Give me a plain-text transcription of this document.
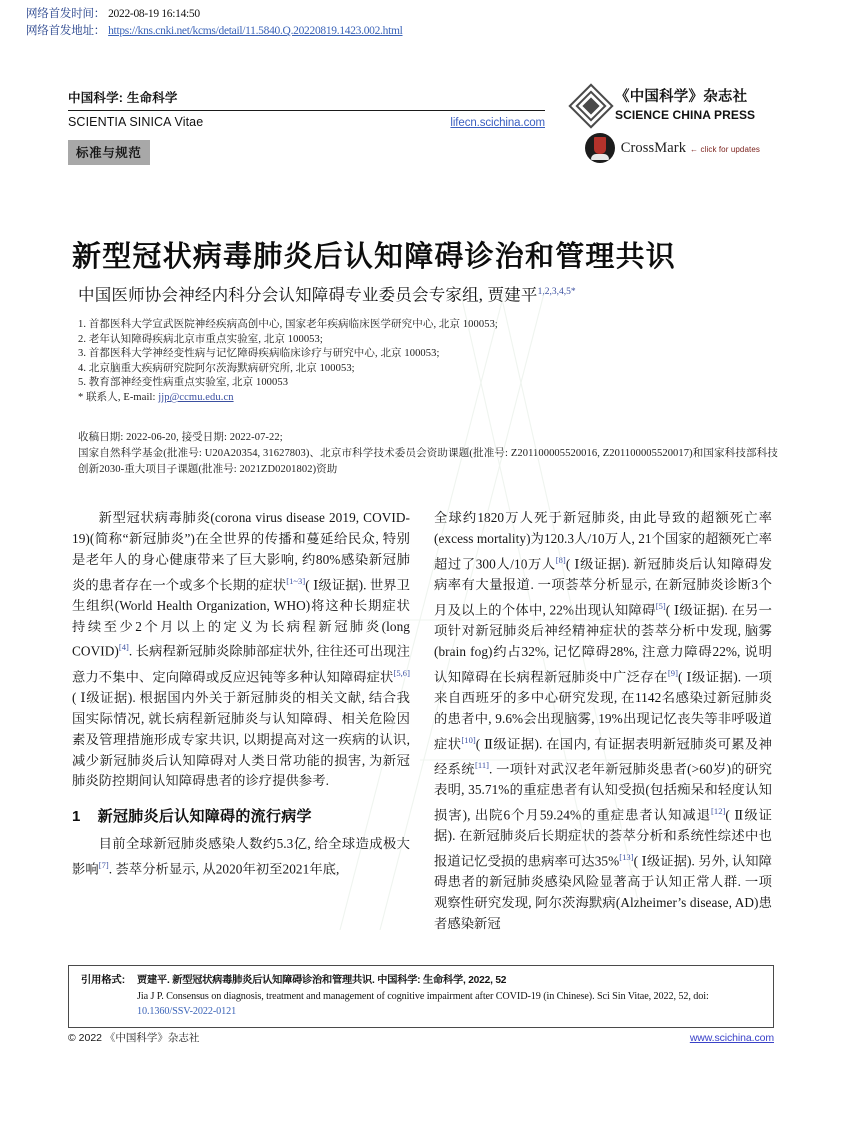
网络首发时间： 2022-08-19 16:14:50
网络首发地址： https://kns.cnki.net/kcms/detail/11.5840.Q.20220819.1423.002.html
中国科学: 生命科学
SCIENTIA SINICA Vitae	lifecn.scichina.com
标准与规范
《中国科学》杂志社 SCIENCE CHINA PRESS
CrossMark ← click for updates
新型冠状病毒肺炎后认知障碍诊治和管理共识
中国医师协会神经内科分会认知障碍专业委员会专家组, 贾建平$^{1,2,3,4,5*}$
1. 首都医科大学宣武医院神经疾病高创中心, 国家老年疾病临床医学研究中心, 北京 100053;
2. 老年认知障碍疾病北京市重点实验室, 北京 100053;
3. 首都医科大学神经变性病与记忆障碍疾病临床诊疗与研究中心, 北京 100053;
4. 北京脑重大疾病研究院阿尔茨海默病研究所, 北京 100053;
5. 教育部神经变性病重点实验室, 北京 100053
* 联系人, E-mail: jjp@ccmu.edu.cn
收稿日期: 2022-06-20, 接受日期: 2022-07-22;
国家自然科学基金(批准号: U20A20354, 31627803)、北京市科学技术委员会资助课题(批准号: Z201100005520016, Z201100005520017)和国家科技部科技创新2030-重大项目子课题(批准号: 2021ZD0201802)资助

新型冠状病毒肺炎(corona virus disease 2019, COVID-19)(简称“新冠肺炎”)在全世界的传播和蔓延给民众, 特别是老年人的身心健康带来了巨大影响, 约80%感染新冠肺炎的患者存在一个或多个长期的症状[1~3]( Ⅰ级证据). 世界卫生组织(World Health Organization, WHO)将这种长期症状持续至少2个月以上的定义为长病程新冠肺炎(long COVID)[4]. 长病程新冠肺炎除肺部症状外, 往往还可出现注意力不集中、定向障碍或反应迟钝等多种认知障碍症状[5,6]( Ⅰ级证据). 根据国内外关于新冠肺炎的相关文献, 结合我国实际情况, 就长病程新冠肺炎与认知障碍、相关危险因素及管理措施形成专家共识, 以期提高对这一疾病的认识, 减少新冠肺炎后认知障碍对人类日常功能的损害, 为新冠肺炎防控期间认知障碍患者的诊疗提供参考.

1 新冠肺炎后认知障碍的流行病学

目前全球新冠肺炎感染人数约5.3亿, 给全球造成极大影响[7]. 荟萃分析显示, 从2020年初至2021年底,

全球约1820万人死于新冠肺炎, 由此导致的超额死亡率(excess mortality)为120.3人/10万人, 21个国家的超额死亡率超过了300人/10万人[8]( Ⅰ级证据). 新冠肺炎后认知障碍发病率有大量报道. 一项荟萃分析显示, 在新冠肺炎诊断3个月及以上的个体中, 22%出现认知障碍[5]( Ⅰ级证据). 在另一项针对新冠肺炎后神经精神症状的荟萃分析中发现, 脑雾(brain fog)约占32%, 记忆障碍28%, 注意力障碍22%, 说明认知障碍在长病程新冠肺炎中广泛存在[9]( Ⅰ级证据). 一项来自西班牙的多中心研究发现, 在1142名感染过新冠肺炎的患者中, 9.6%会出现脑雾, 19%出现记忆丧失等非呼吸道症状[10]( Ⅱ级证据). 在国内, 有证据表明新冠肺炎可累及神经系统[11]. 一项针对武汉老年新冠肺炎患者(>60岁)的研究表明, 35.71%的重症患者有认知受损(包括痴呆和轻度认知损害), 出院6个月59.24%的重症患者认知减退[12]( Ⅱ级证据). 在新冠肺炎后长期症状的荟萃分析和系统性综述中也报道记忆受损的患病率可达35%[13]( Ⅰ级证据). 另外, 认知障碍患者的新冠肺炎感染风险显著高于认知正常人群. 一项观察性研究发现, 阿尔茨海默病(Alzheimer’s disease, AD)患者感染新冠

引用格式:	贾建平. 新型冠状病毒肺炎后认知障碍诊治和管理共识. 中国科学: 生命科学, 2022, 52
Jia J P. Consensus on diagnosis, treatment and management of cognitive impairment after COVID-19 (in Chinese). Sci Sin Vitae, 2022, 52, doi:
10.1360/SSV-2022-0121
© 2022 《中国科学》杂志社	www.scichina.com
